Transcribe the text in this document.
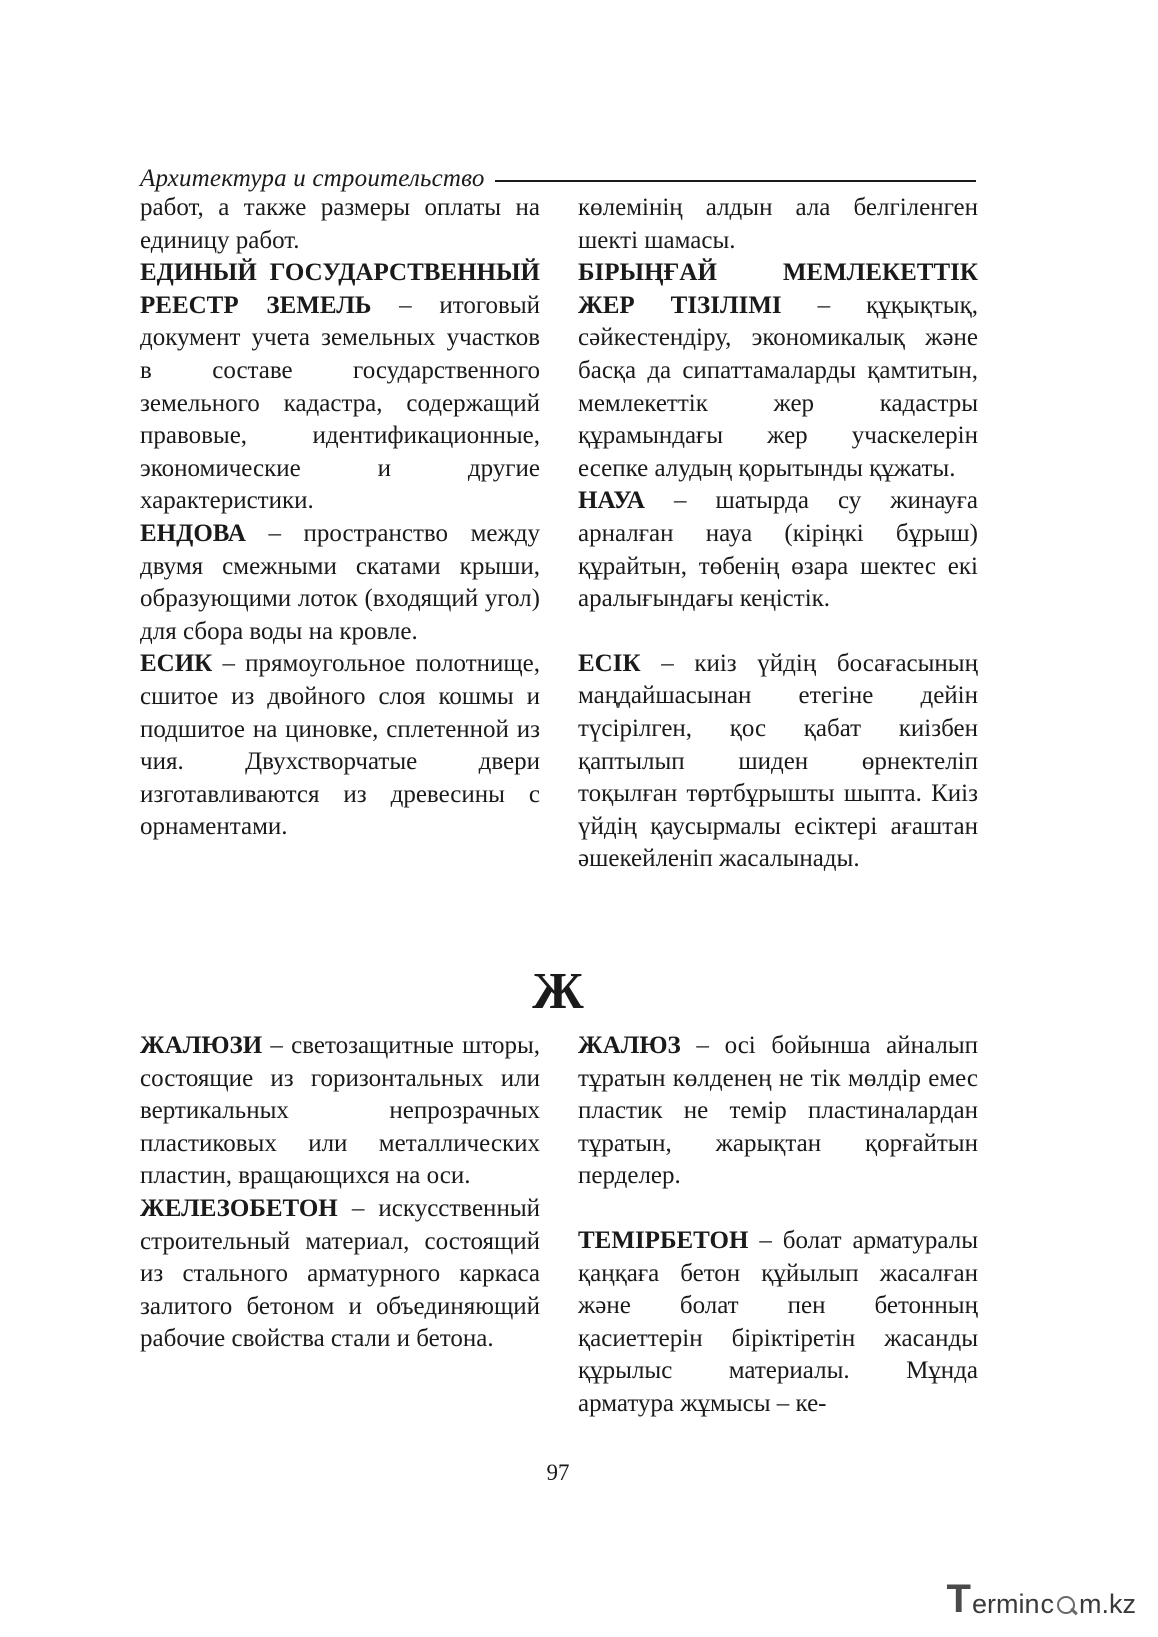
Архитектура и строительство

работ, а также размеры оплаты на единицу работ.

ЕДИНЫЙ ГОСУДАРСТВЕННЫЙ РЕЕСТР ЗЕМЕЛЬ – итоговый документ учета земельных участков в составе государственного земельного кадастра, содержащий правовые, идентификационные, экономические и другие характеристики.

ЕНДОВА – пространство между двумя смежными скатами крыши, образующими лоток (входящий угол) для сбора воды на кровле.

ЕСИК – прямоугольное полотнище, сшитое из двойного слоя кошмы и подшитое на циновке, сплетенной из чия. Двухстворчатые двери изготавливаются из древесины с орнаментами.

көлемінің алдын ала белгіленген шекті шамасы.

БІРЫҢҒАЙ МЕМЛЕКЕТТІК ЖЕР ТІЗІЛІМІ – құқықтық, сәйкестендіру, экономикалық және басқа да сипаттамаларды қамтитын, мемлекеттік жер кадастры құрамындағы жер учаскелерін есепке алудың қорытынды құжаты.

НАУА – шатырда су жинауға арналған науа (кіріңкі бұрыш) құрайтын, төбенің өзара шектес екі аралығындағы кеңістік.

ЕСІК – киіз үйдің босағасының маңдайшасынан етегіне дейін түсірілген, қос қабат киізбен қаптылып шиден өрнектеліп тоқылған төртбұрышты шыпта. Киіз үйдің қаусырмалы есіктері ағаштан әшекейленіп жасалынады.

Ж

ЖАЛЮЗИ – светозащитные шторы, состоящие из горизонтальных или вертикальных непрозрачных пластиковых или металлических пластин, вращающихся на оси.

ЖЕЛЕЗОБЕТОН – искусственный строительный материал, состоящий из стального арматурного каркаса залитого бетоном и объединяющий рабочие свойства стали и бетона.

ЖАЛЮЗ – осі бойынша айналып тұратын көлденең не тік мөлдір емес пластик не темір пластиналардан тұратын, жарықтан қорғайтын перделер.

ТЕМІРБЕТОН – болат арматуралы қаңқаға бетон құйылып жасалған және болат пен бетонның қасиеттерін біріктіретін жасанды құрылыс материалы. Мұнда арматура жұмысы – ке-

97
T ermin c m.kz
